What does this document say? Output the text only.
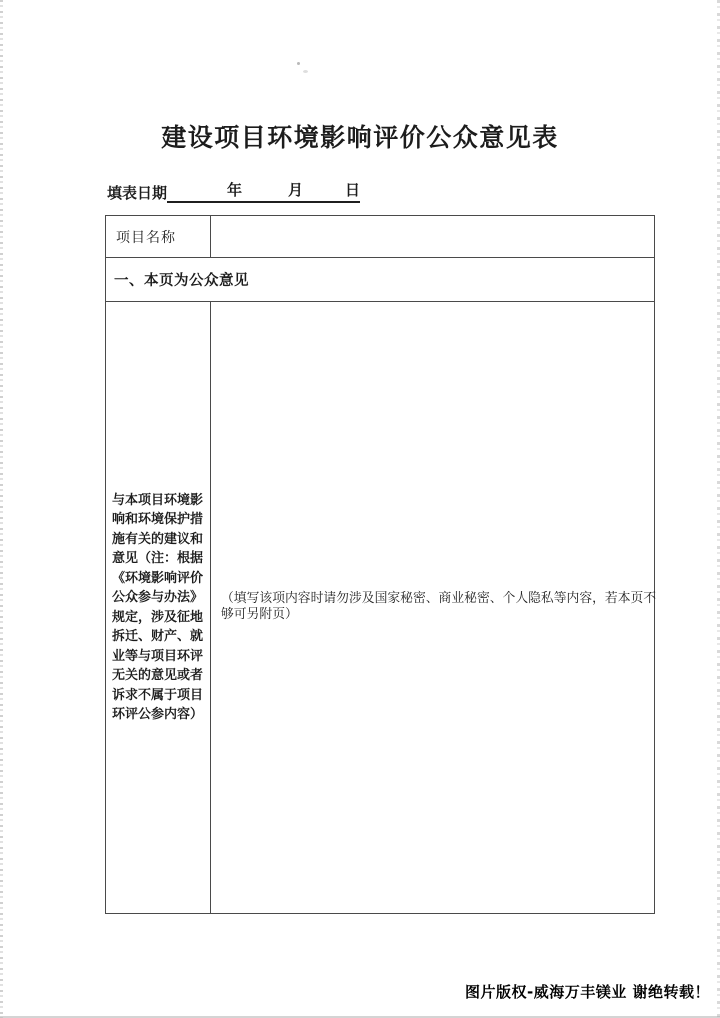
建设项目环境影响评价公众意见表
填表日期	年	月	日
项目名称	
一、本页为公众意见	

与本项目环境影响和环境保护措施有关的建议和意见（注：根据《环境影响评价公众参与办法》规定，涉及征地拆迁、财产、就业等与项目环评无关的意见或者诉求不属于项目环评公参内容）	（填写该项内容时请勿涉及国家秘密、商业秘密、个人隐私等内容，若本页不够可另附页）
图片版权-威海万丰镁业 谢绝转载！
